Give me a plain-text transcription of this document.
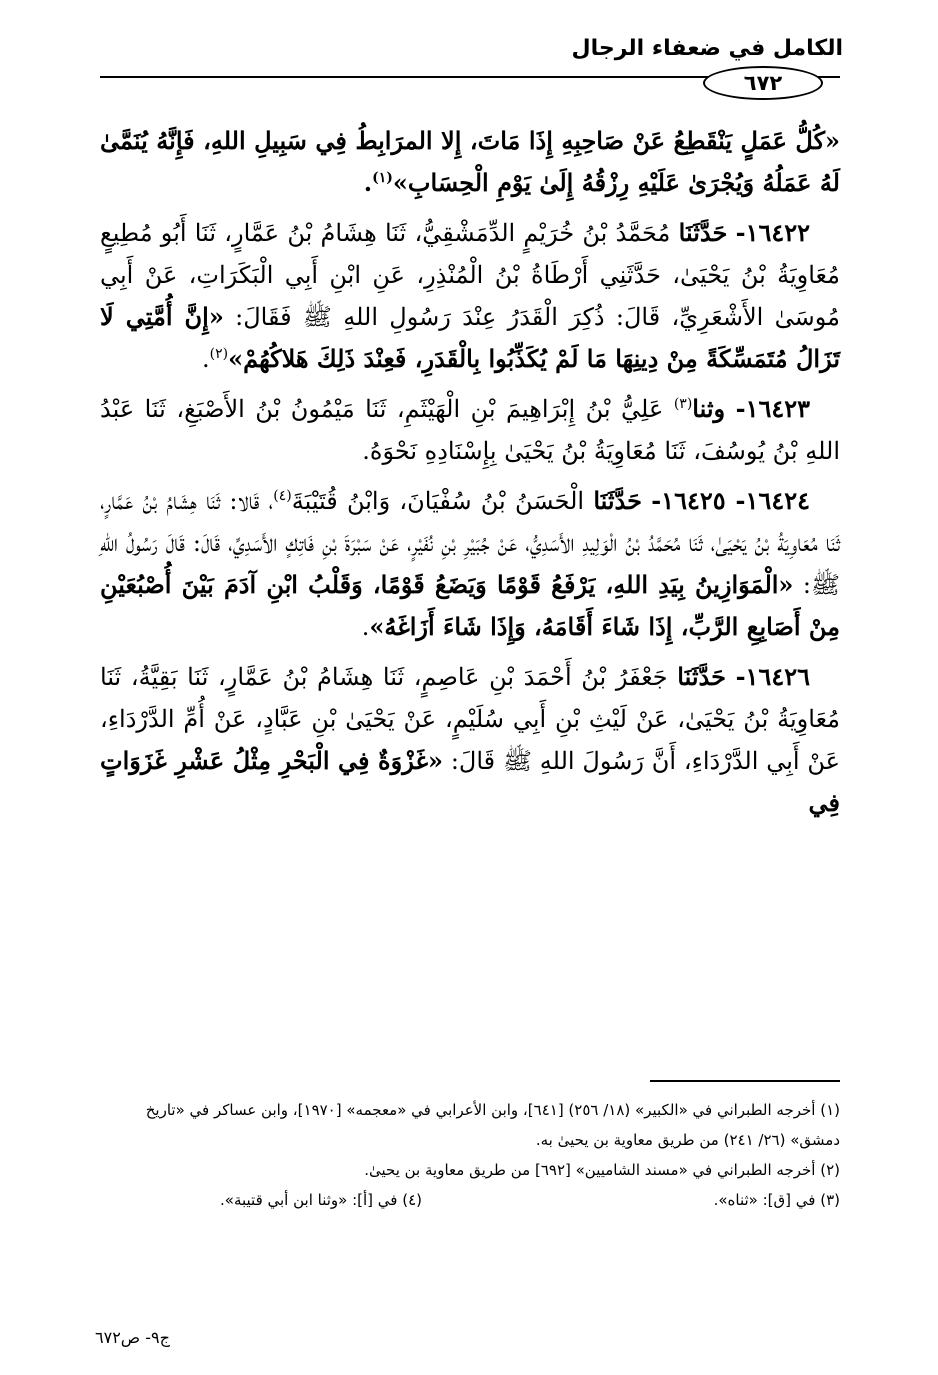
الكامل في ضعفاء الرجال
٦٧٢

«كُلُّ عَمَلٍ يَنْقَطِعُ عَنْ صَاحِبِهِ إِذَا مَاتَ، إِلا المرَابِطُ فِي سَبِيلِ اللهِ، فَإِنَّهُ يُنَمَّىٰ لَهُ عَمَلُهُ وَيُجْرَىٰ عَلَيْهِ رِزْقُهُ إِلَىٰ يَوْمِ الْحِسَابِ»$^{(١)}$.

١٦٤٢٢- حَدَّثَنَا مُحَمَّدُ بْنُ خُرَيْمٍ الدِّمَشْقِيُّ، ثَنَا هِشَامُ بْنُ عَمَّارٍ، ثَنَا أَبُو مُطِيعٍ مُعَاوِيَةُ بْنُ يَحْيَىٰ، حَدَّثَنِي أَرْطَاةُ بْنُ الْمُنْذِرِ، عَنِ ابْنِ أَبِي الْبَكَرَاتِ، عَنْ أَبِي مُوسَىٰ الأَشْعَرِيِّ، قَالَ: ذُكِرَ الْقَدَرُ عِنْدَ رَسُولِ اللهِ ﷺ فَقَالَ: «إِنَّ أُمَّتِي لَا تَزَالُ مُتَمَسِّكَةً مِنْ دِينِهَا مَا لَمْ يُكَذِّبُوا بِالْقَدَرِ، فَعِنْدَ ذَلِكَ هَلاكُهُمْ»$^{(٢)}$.

١٦٤٢٣- وثنا$^{(٣)}$ عَلِيُّ بْنُ إِبْرَاهِيمَ بْنِ الْهَيْثَمِ، ثَنَا مَيْمُونُ بْنُ الأَصْبَغِ، ثَنَا عَبْدُ اللهِ بْنُ يُوسُفَ، ثَنَا مُعَاوِيَةُ بْنُ يَحْيَىٰ بِإِسْنَادِهِ نَحْوَهُ.

١٦٤٢٤- ١٦٤٢٥- حَدَّثَنَا الْحَسَنُ بْنُ سُفْيَانَ، وَابْنُ قُتَيْبَةَ$^{(٤)}$، قَالا: ثَنَا هِشَامُ بْنُ عَمَّارٍ، ثَنَا مُعَاوِيَةُ بْنُ يَحْيَىٰ، ثَنَا مُحَمَّدُ بْنُ الْوَلِيدِ الأَسَدِيُّ، عَنْ جُبَيْرِ بْنِ نُفَيْرٍ، عَنْ سَبْرَةَ بْنِ فَاتِكٍ الأَسَدِيِّ، قَالَ: قَالَ رَسُولُ اللهِ ﷺ: «الْمَوَازِينُ بِيَدِ اللهِ، يَرْفَعُ قَوْمًا وَيَضَعُ قَوْمًا، وَقَلْبُ ابْنِ آدَمَ بَيْنَ أُصْبُعَيْنِ مِنْ أَصَابِعِ الرَّبِّ، إِذَا شَاءَ أَقَامَهُ، وَإِذَا شَاءَ أَزَاغَهُ».

١٦٤٢٦- حَدَّثَنَا جَعْفَرُ بْنُ أَحْمَدَ بْنِ عَاصِمٍ، ثَنَا هِشَامُ بْنُ عَمَّارٍ، ثَنَا بَقِيَّةُ، ثَنَا مُعَاوِيَةُ بْنُ يَحْيَىٰ، عَنْ لَيْثِ بْنِ أَبِي سُلَيْمٍ، عَنْ يَحْيَىٰ بْنِ عَبَّادٍ، عَنْ أُمِّ الدَّرْدَاءِ، عَنْ أَبِي الدَّرْدَاءِ، أَنَّ رَسُولَ اللهِ ﷺ قَالَ: «غَزْوَةٌ فِي الْبَحْرِ مِثْلُ عَشْرِ غَزَوَاتٍ فِي

(١) أخرجه الطبراني في «الكبير» (١٨/ ٢٥٦) [٦٤١]، وابن الأعرابي في «معجمه» [١٩٧٠]، وابن عساكر في «تاريخ دمشق» (٢٦/ ٢٤١) من طريق معاوية بن يحيىٰ به.

(٢) أخرجه الطبراني في «مسند الشاميين» [٦٩٢] من طريق معاوية بن يحيىٰ.

(٣) في [ق]: «ثناه».
(٤) في [أ]: «وثنا ابن أبي قتيبة».
ج٩- ص٦٧٢
